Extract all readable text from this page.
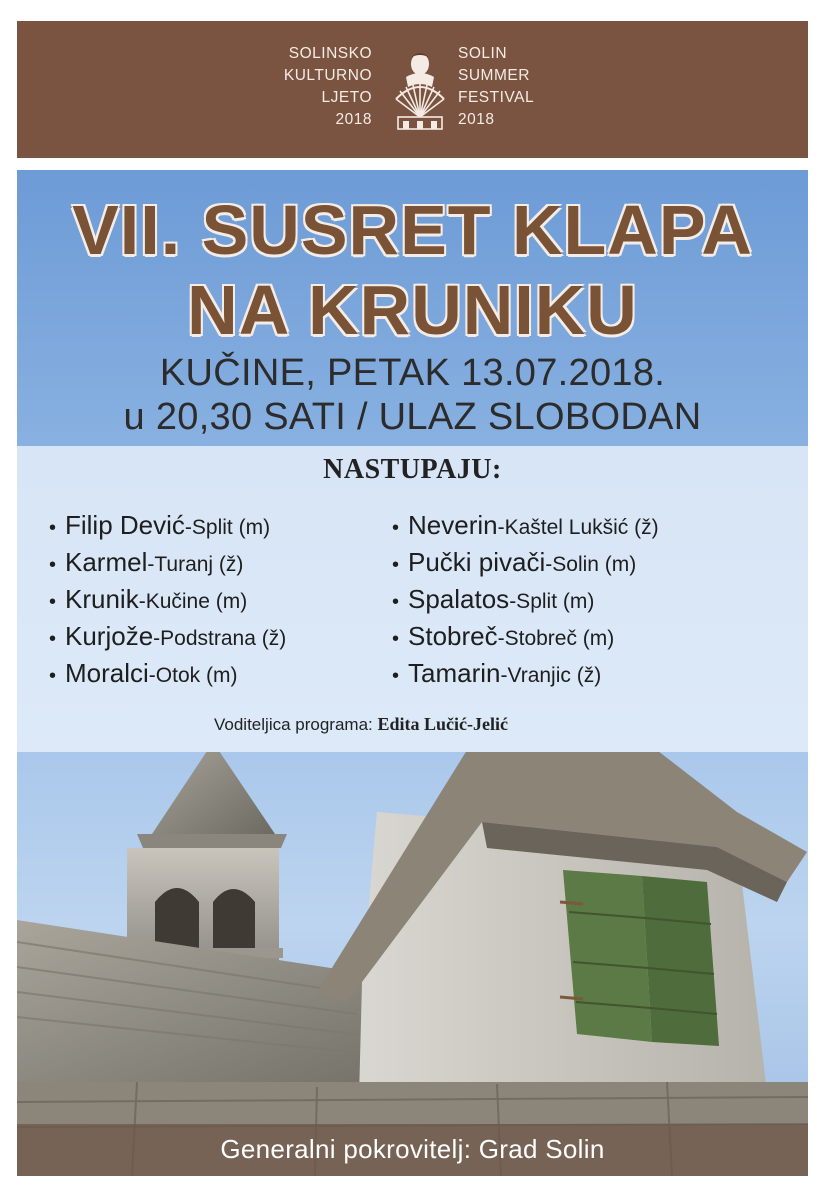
SOLINSKO
KULTURNO
LJETO
2018
SOLIN
SUMMER
FESTIVAL
2018
VII. SUSRET KLAPA
NA KRUNIKU
KUČINE, PETAK 13.07.2018.
u 20,30 SATI / ULAZ SLOBODAN
NASTUPAJU:
• Filip Dević-Split (m)
• Karmel-Turanj (ž)
• Krunik-Kučine (m)
• Kurjože-Podstrana (ž)
• Moralci-Otok (m)
• Neverin-Kaštel Lukšić (ž)
• Pučki pivači-Solin (m)
• Spalatos-Split (m)
• Stobreč-Stobreč (m)
• Tamarin-Vranjic (ž)
Voditeljica programa: Edita Lučić-Jelić
Generalni pokrovitelj: Grad Solin
